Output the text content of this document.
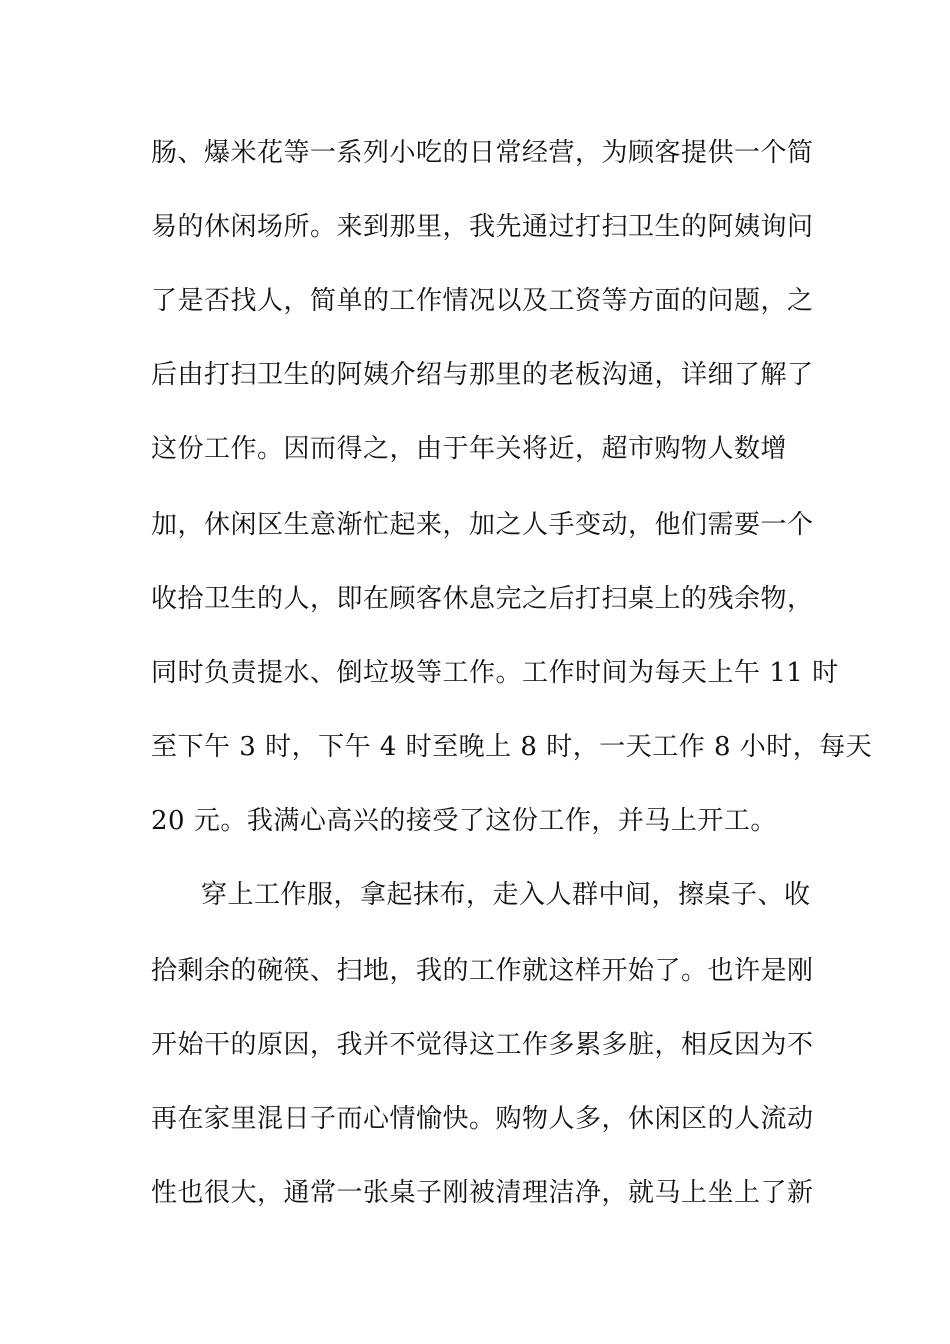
肠、爆米花等一系列小吃的日常经营，为顾客提供一个简
易的休闲场所。来到那里，我先通过打扫卫生的阿姨询问
了是否找人，简单的工作情况以及工资等方面的问题，之
后由打扫卫生的阿姨介绍与那里的老板沟通，详细了解了
这份工作。因而得之，由于年关将近，超市购物人数增
加，休闲区生意渐忙起来，加之人手变动，他们需要一个
收拾卫生的人，即在顾客休息完之后打扫桌上的残余物，
同时负责提水、倒垃圾等工作。工作时间为每天上午 11 时
至下午 3 时，下午 4 时至晚上 8 时，一天工作 8 小时，每天
20 元。我满心高兴的接受了这份工作，并马上开工。
穿上工作服，拿起抹布，走入人群中间，擦桌子、收
拾剩余的碗筷、扫地，我的工作就这样开始了。也许是刚
开始干的原因，我并不觉得这工作多累多脏，相反因为不
再在家里混日子而心情愉快。购物人多，休闲区的人流动
性也很大，通常一张桌子刚被清理洁净，就马上坐上了新
